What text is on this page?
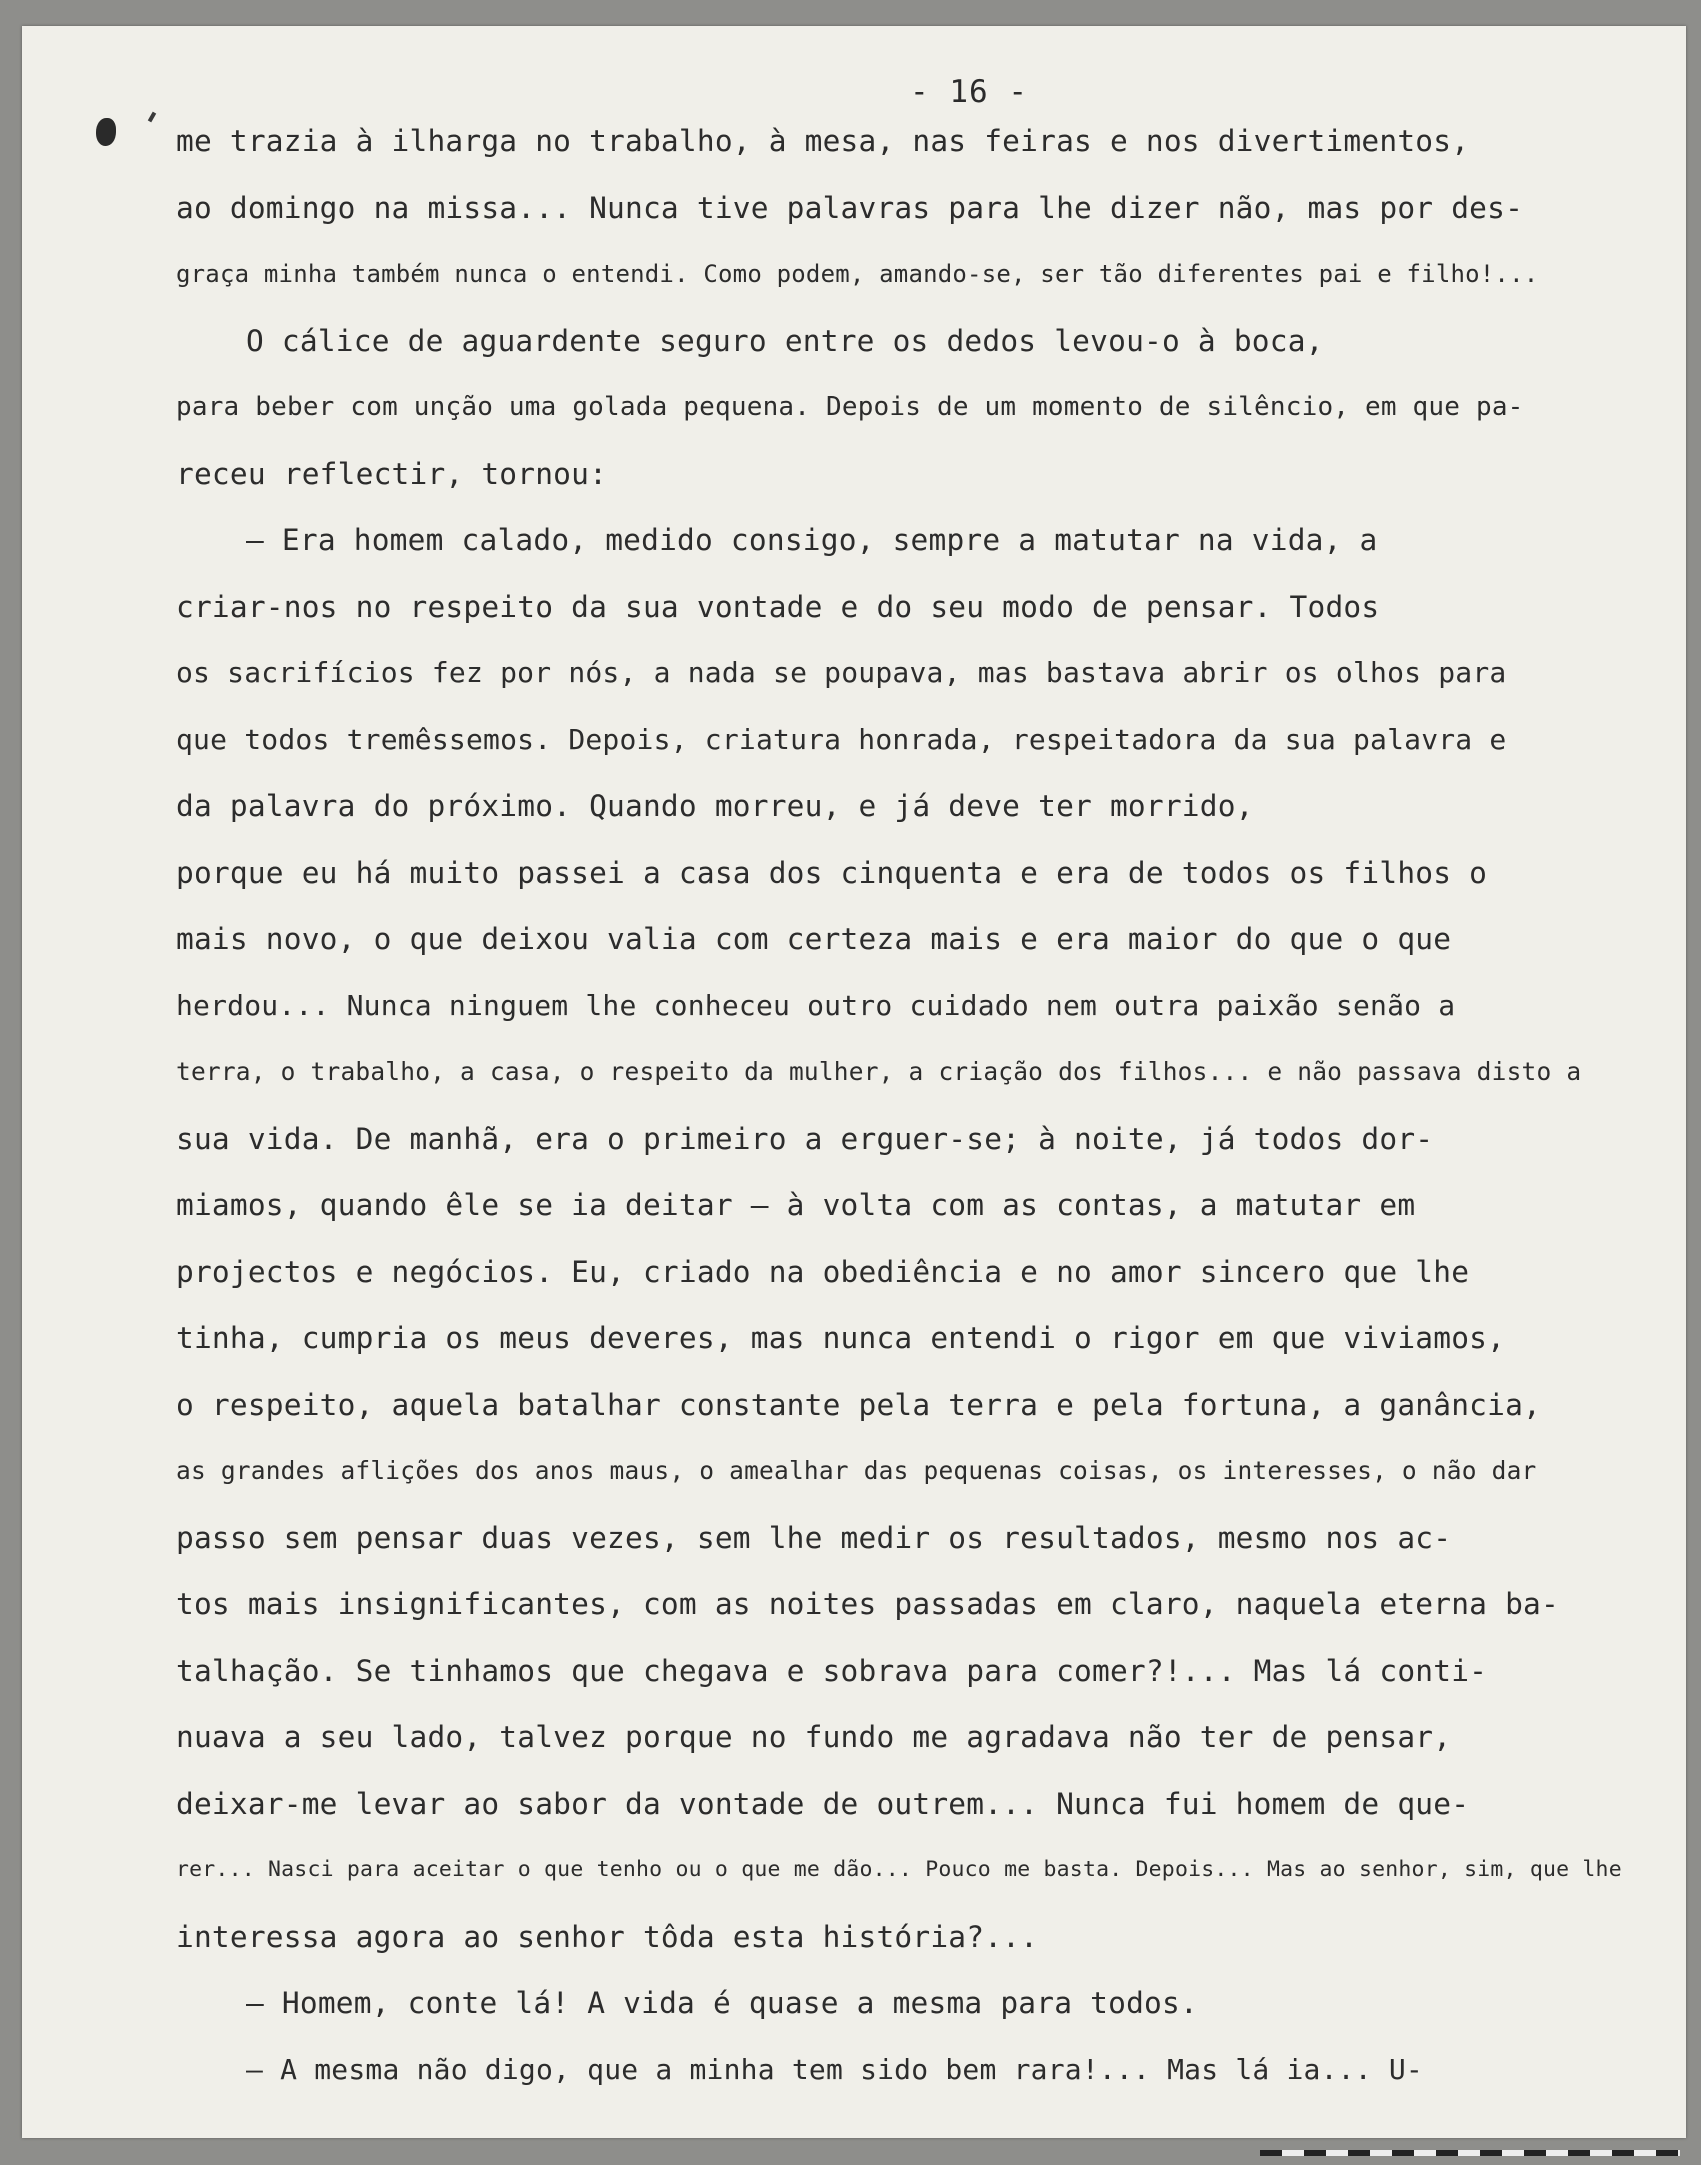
- 16 -
me trazia à ilharga no trabalho, à mesa, nas feiras e nos divertimentos,
ao domingo na missa... Nunca tive palavras para lhe dizer não, mas por des-
graça minha também nunca o entendi. Como podem, amando-se, ser tão diferentes pai e filho!...
O cálice de aguardente seguro entre os dedos levou-o à boca,
para beber com unção uma golada pequena. Depois de um momento de silêncio, em que pa-
receu reflectir, tornou:
— Era homem calado, medido consigo, sempre a matutar na vida, a
criar-nos no respeito da sua vontade e do seu modo de pensar. Todos
os sacrifícios fez por nós, a nada se poupava, mas bastava abrir os olhos para
que todos tremêssemos. Depois, criatura honrada, respeitadora da sua palavra e
da palavra do próximo. Quando morreu, e já deve ter morrido,
porque eu há muito passei a casa dos cinquenta e era de todos os filhos o
mais novo, o que deixou valia com certeza mais e era maior do que o que
herdou... Nunca ninguem lhe conheceu outro cuidado nem outra paixão senão a
terra, o trabalho, a casa, o respeito da mulher, a criação dos filhos... e não passava disto a
sua vida. De manhã, era o primeiro a erguer-se; à noite, já todos dor-
miamos, quando êle se ia deitar — à volta com as contas, a matutar em
projectos e negócios. Eu, criado na obediência e no amor sincero que lhe
tinha, cumpria os meus deveres, mas nunca entendi o rigor em que viviamos,
o respeito, aquela batalhar constante pela terra e pela fortuna, a ganância,
as grandes aflições dos anos maus, o amealhar das pequenas coisas, os interesses, o não dar
passo sem pensar duas vezes, sem lhe medir os resultados, mesmo nos ac-
tos mais insignificantes, com as noites passadas em claro, naquela eterna ba-
talhação. Se tinhamos que chegava e sobrava para comer?!... Mas lá conti-
nuava a seu lado, talvez porque no fundo me agradava não ter de pensar,
deixar-me levar ao sabor da vontade de outrem... Nunca fui homem de que-
rer... Nasci para aceitar o que tenho ou o que me dão... Pouco me basta. Depois... Mas ao senhor, sim, que lhe
interessa agora ao senhor tôda esta história?...
— Homem, conte lá! A vida é quase a mesma para todos.
— A mesma não digo, que a minha tem sido bem rara!... Mas lá ia... U-
